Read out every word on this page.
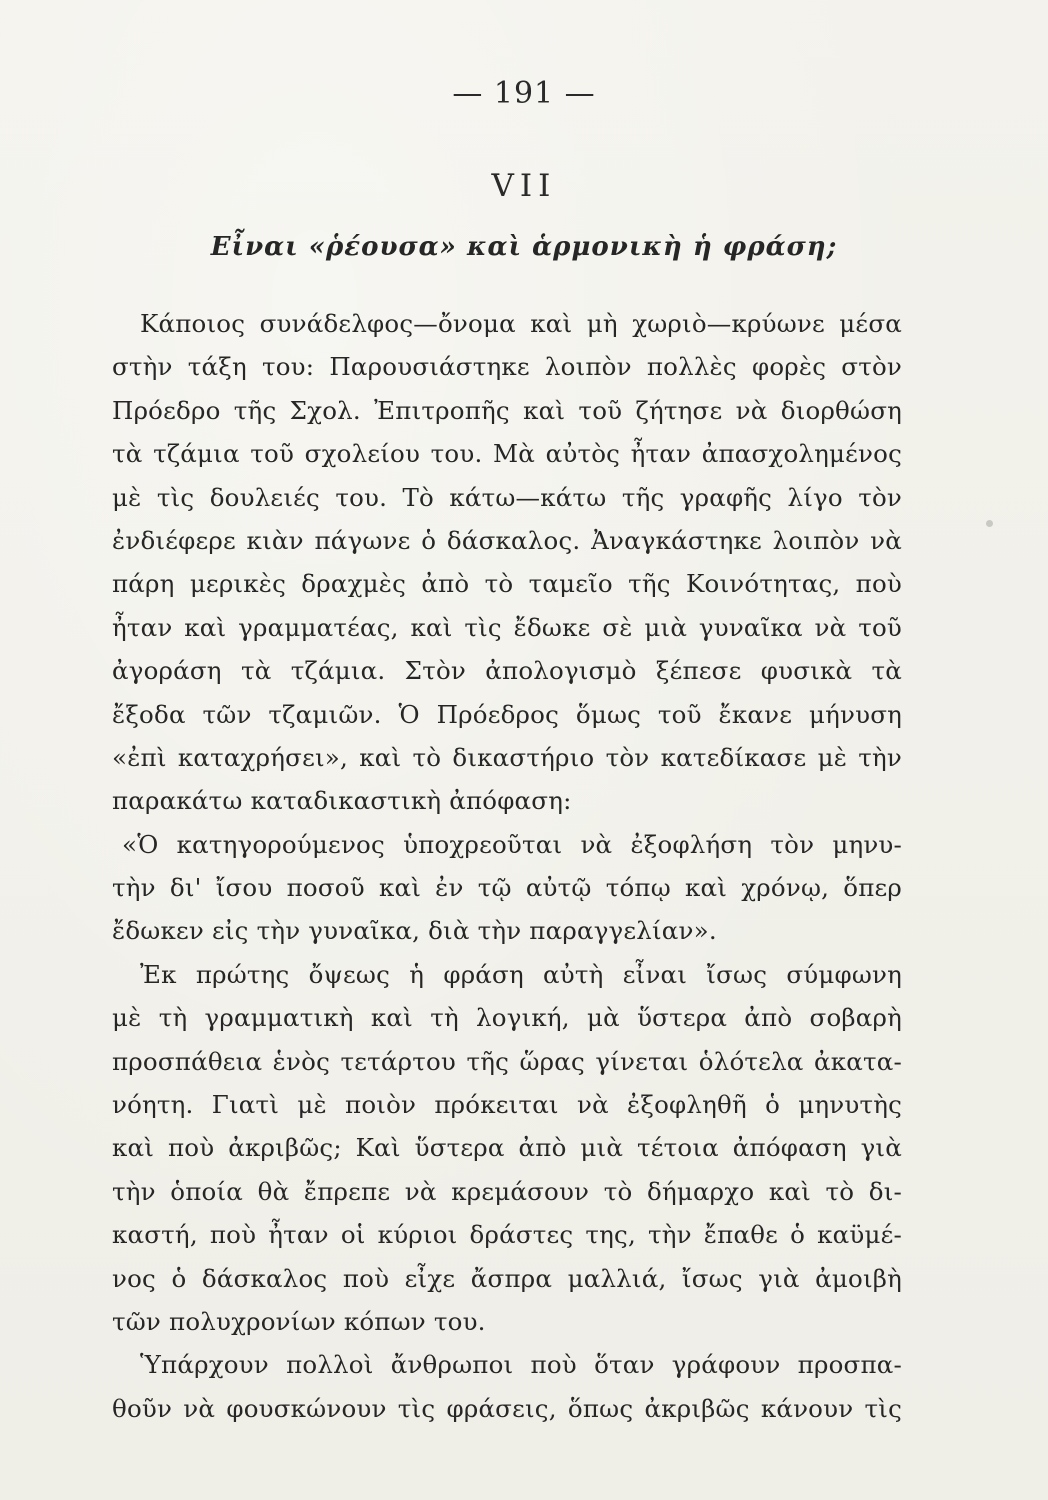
— 191 —
VII
Εἶναι «ῥέουσα» καὶ ἁρμονικὴ ἡ φράση;
Κάποιος συνάδελφος—ὄνομα καὶ μὴ χωριὸ—κρύωνε μέσα
στὴν τάξη του: Παρουσιάστηκε λοιπὸν πολλὲς φορὲς στὸν
Πρόεδρο τῆς Σχολ. Ἐπιτροπῆς καὶ τοῦ ζήτησε νὰ διορθώση
τὰ τζάμια τοῦ σχολείου του. Μὰ αὐτὸς ἦταν ἀπασχολημένος
μὲ τὶς δουλειές του. Τὸ κάτω—κάτω τῆς γραφῆς λίγο τὸν
ἐνδιέφερε κιὰν πάγωνε ὁ δάσκαλος. Ἀναγκάστηκε λοιπὸν νὰ
πάρη μερικὲς δραχμὲς ἀπὸ τὸ ταμεῖο τῆς Κοινότητας, ποὺ
ἦταν καὶ γραμματέας, καὶ τὶς ἔδωκε σὲ μιὰ γυναῖκα νὰ τοῦ
ἀγοράση τὰ τζάμια. Στὸν ἀπολογισμὸ ξέπεσε φυσικὰ τὰ
ἔξοδα τῶν τζαμιῶν. Ὁ Πρόεδρος ὅμως τοῦ ἔκανε μήνυση
«ἐπὶ καταχρήσει», καὶ τὸ δικαστήριο τὸν κατεδίκασε μὲ τὴν
παρακάτω καταδικαστικὴ ἀπόφαση:
«Ὁ κατηγορούμενος ὑποχρεοῦται νὰ ἐξοφλήση τὸν μηνυ-
τὴν δι' ἴσου ποσοῦ καὶ ἐν τῷ αὐτῷ τόπῳ καὶ χρόνῳ, ὅπερ
ἔδωκεν εἰς τὴν γυναῖκα, διὰ τὴν παραγγελίαν».
Ἐκ πρώτης ὄψεως ἡ φράση αὐτὴ εἶναι ἴσως σύμφωνη
μὲ τὴ γραμματικὴ καὶ τὴ λογική, μὰ ὕστερα ἀπὸ σοβαρὴ
προσπάθεια ἑνὸς τετάρτου τῆς ὥρας γίνεται ὁλότελα ἀκατα-
νόητη. Γιατὶ μὲ ποιὸν πρόκειται νὰ ἐξοφληθῆ ὁ μηνυτὴς
καὶ ποὺ ἀκριβῶς; Καὶ ὕστερα ἀπὸ μιὰ τέτοια ἀπόφαση γιὰ
τὴν ὁποία θὰ ἔπρεπε νὰ κρεμάσουν τὸ δήμαρχο καὶ τὸ δι-
καστή, ποὺ ἦταν οἱ κύριοι δράστες της, τὴν ἔπαθε ὁ καϋμέ-
νος ὁ δάσκαλος ποὺ εἶχε ἄσπρα μαλλιά, ἴσως γιὰ ἀμοιβὴ
τῶν πολυχρονίων κόπων του.
Ὑπάρχουν πολλοὶ ἄνθρωποι ποὺ ὅταν γράφουν προσπα-
θοῦν νὰ φουσκώνουν τὶς φράσεις, ὅπως ἀκριβῶς κάνουν τὶς
